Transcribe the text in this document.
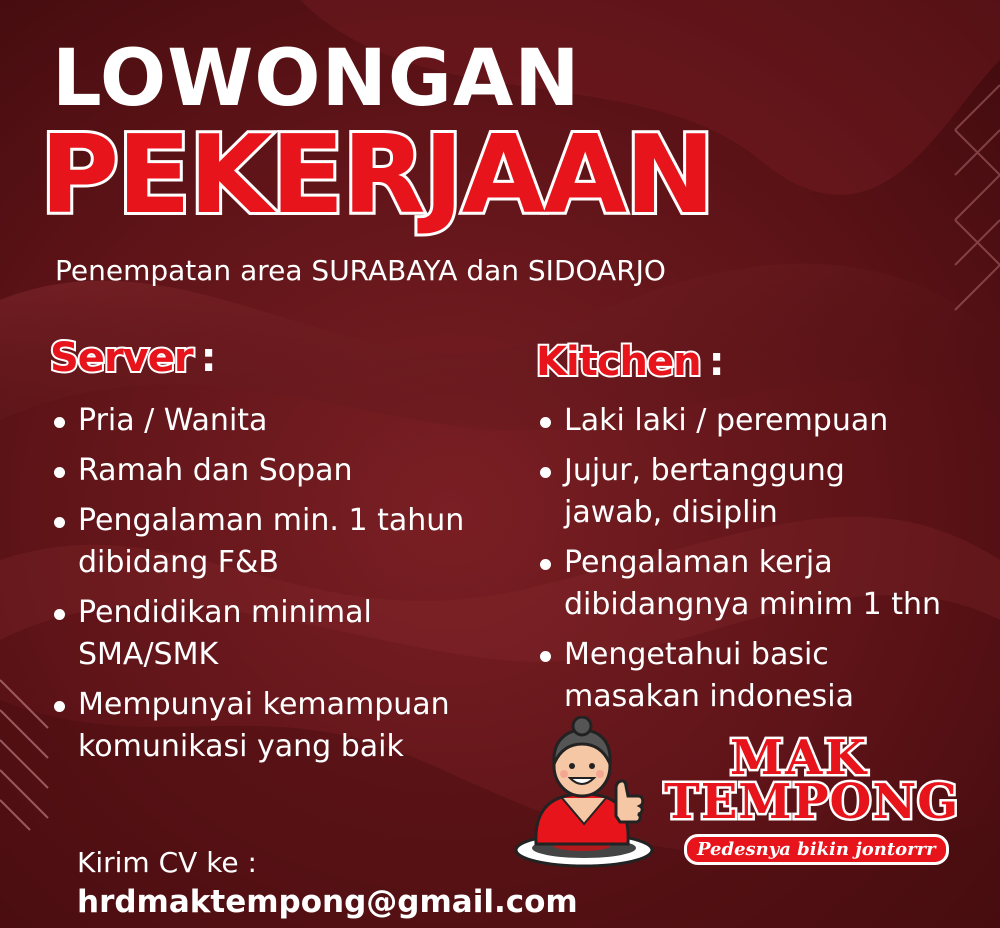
LOWONGAN
PEKERJAAN

Penempatan area SURABAYA dan SIDOARJO

Server :
Pria / Wanita
Ramah dan Sopan
Pengalaman min. 1 tahun dibidang F&B
Pendidikan minimal SMA/SMK
Mempunyai kemampuan komunikasi yang baik
Kitchen :
Laki laki / perempuan
Jujur, bertanggung jawab, disiplin
Pengalaman kerja dibidangnya minim 1 thn
Mengetahui basic masakan indonesia

Kirim CV ke :

hrdmaktempong@gmail.com

MAK

TEMPONG

Pedesnya bikin jontorrr
